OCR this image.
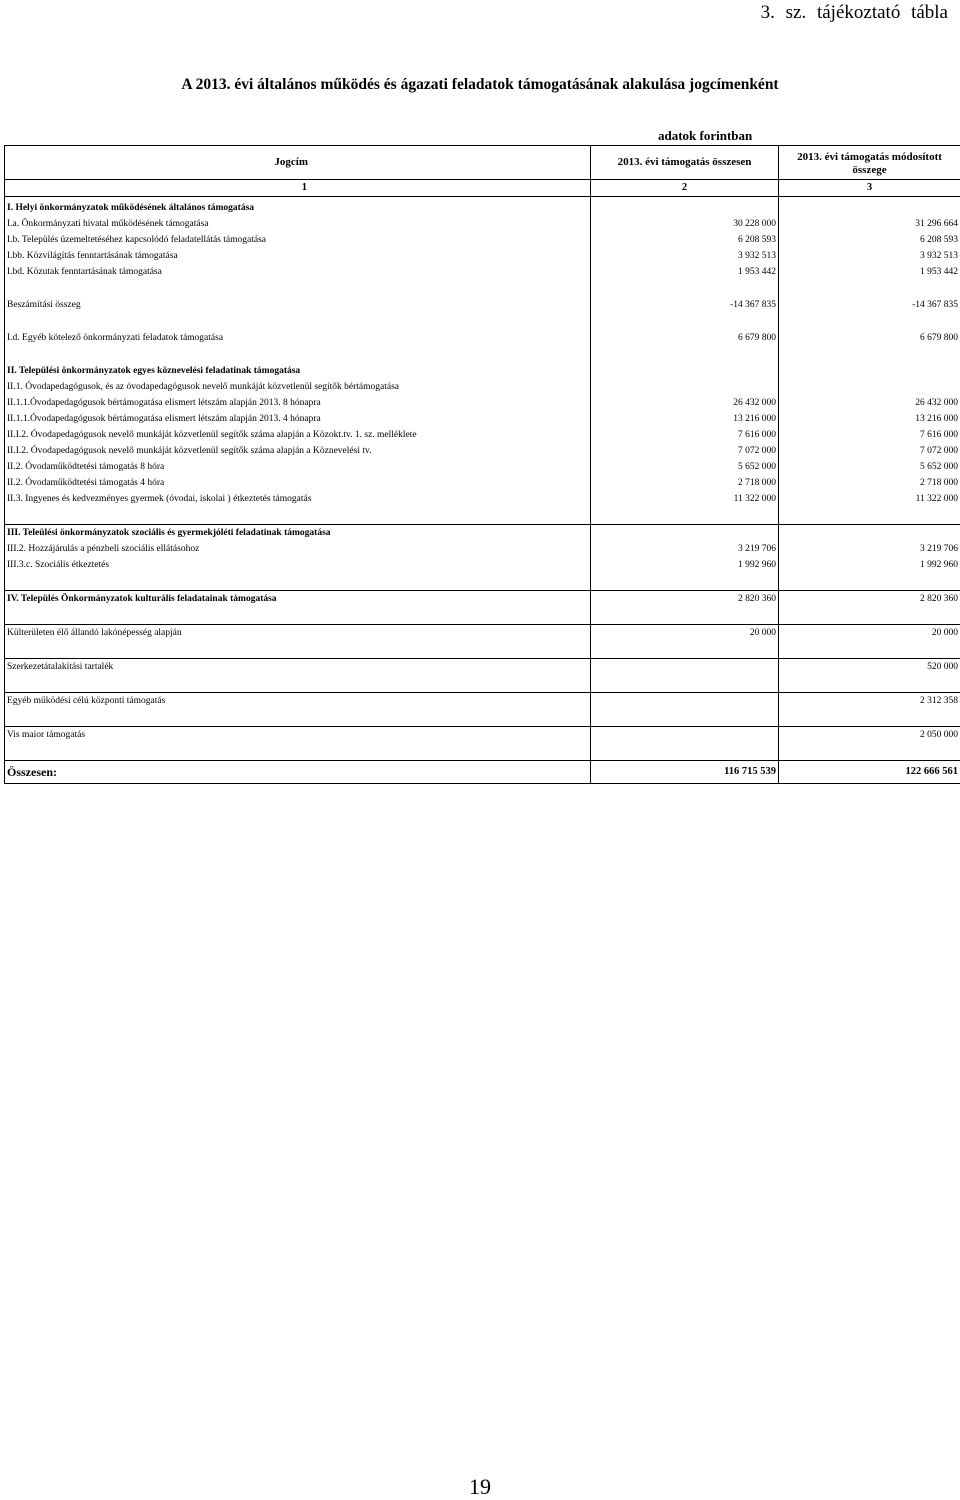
3. sz. tájékoztató tábla
A 2013. évi általános működés és ágazati feladatok támogatásának alakulása jogcímenként
adatok forintban
Jogcím	2013. évi támogatás összesen	2013. évi támogatás módosított összege
1	2	3

I. Helyi önkormányzatok működésének általános támogatása		
I.a. Önkormányzati hivatal működésének támogatása	30 228 000	31 296 664
I.b. Település üzemeltetéséhez kapcsolódó feladatellátás támogatása	6 208 593	6 208 593
I.bb. Közvilágítás fenntartásának támogatása	3 932 513	3 932 513
I.bd. Közutak fenntartásának támogatása	1 953 442	1 953 442

Beszámítási összeg	-14 367 835	-14 367 835

I.d. Egyéb kötelező önkormányzati feladatok támogatása	6 679 800	6 679 800

II. Települési önkormányzatok egyes köznevelési feladatinak támogatása		
II.1. Óvodapedagógusok, és az óvodapedagógusok nevelő munkáját közvetlenül segítők bértámogatása		
II.1.1.Óvodapedagógusok bértámogatása elismert létszám alapján 2013. 8 hónapra	26 432 000	26 432 000
II.1.1.Óvodapedagógusok bértámogatása elismert létszám alapján 2013. 4 hónapra	13 216 000	13 216 000
II.I.2. Óvodapedagógusok nevelő munkáját közvetlenül segítők száma alapján a Közokt.tv. 1. sz. melléklete	7 616 000	7 616 000
II.I.2. Óvodapedagógusok nevelő munkáját közvetlenül segítők száma alapján a Köznevelési tv.	7 072 000	7 072 000
II.2. Óvodaműködtetési támogatás 8 hóra	5 652 000	5 652 000
II.2. Óvodaműködtetési támogatás 4 hóra	2 718 000	2 718 000
II.3. Ingyenes és kedvezményes gyermek (óvodai, iskolai ) étkeztetés támogatás	11 322 000	11 322 000

III. Teleülési önkormányzatok szociális és gyermekjóléti feladatinak támogatása		
III.2. Hozzájárulás a pénzbeli szociális ellátásohoz	3 219 706	3 219 706
III.3.c. Szociális étkeztetés	1 992 960	1 992 960

IV. Település Önkormányzatok kulturális feladatainak támogatása	2 820 360	2 820 360

Külterületen élő állandó lakónépesség alapján	20 000	20 000

Szerkezetátalakítási tartalék		520 000

Egyéb működési célú központi támogatás		2 312 358

Vis maior támogatás		2 050 000

Összesen:	116 715 539	122 666 561
19
